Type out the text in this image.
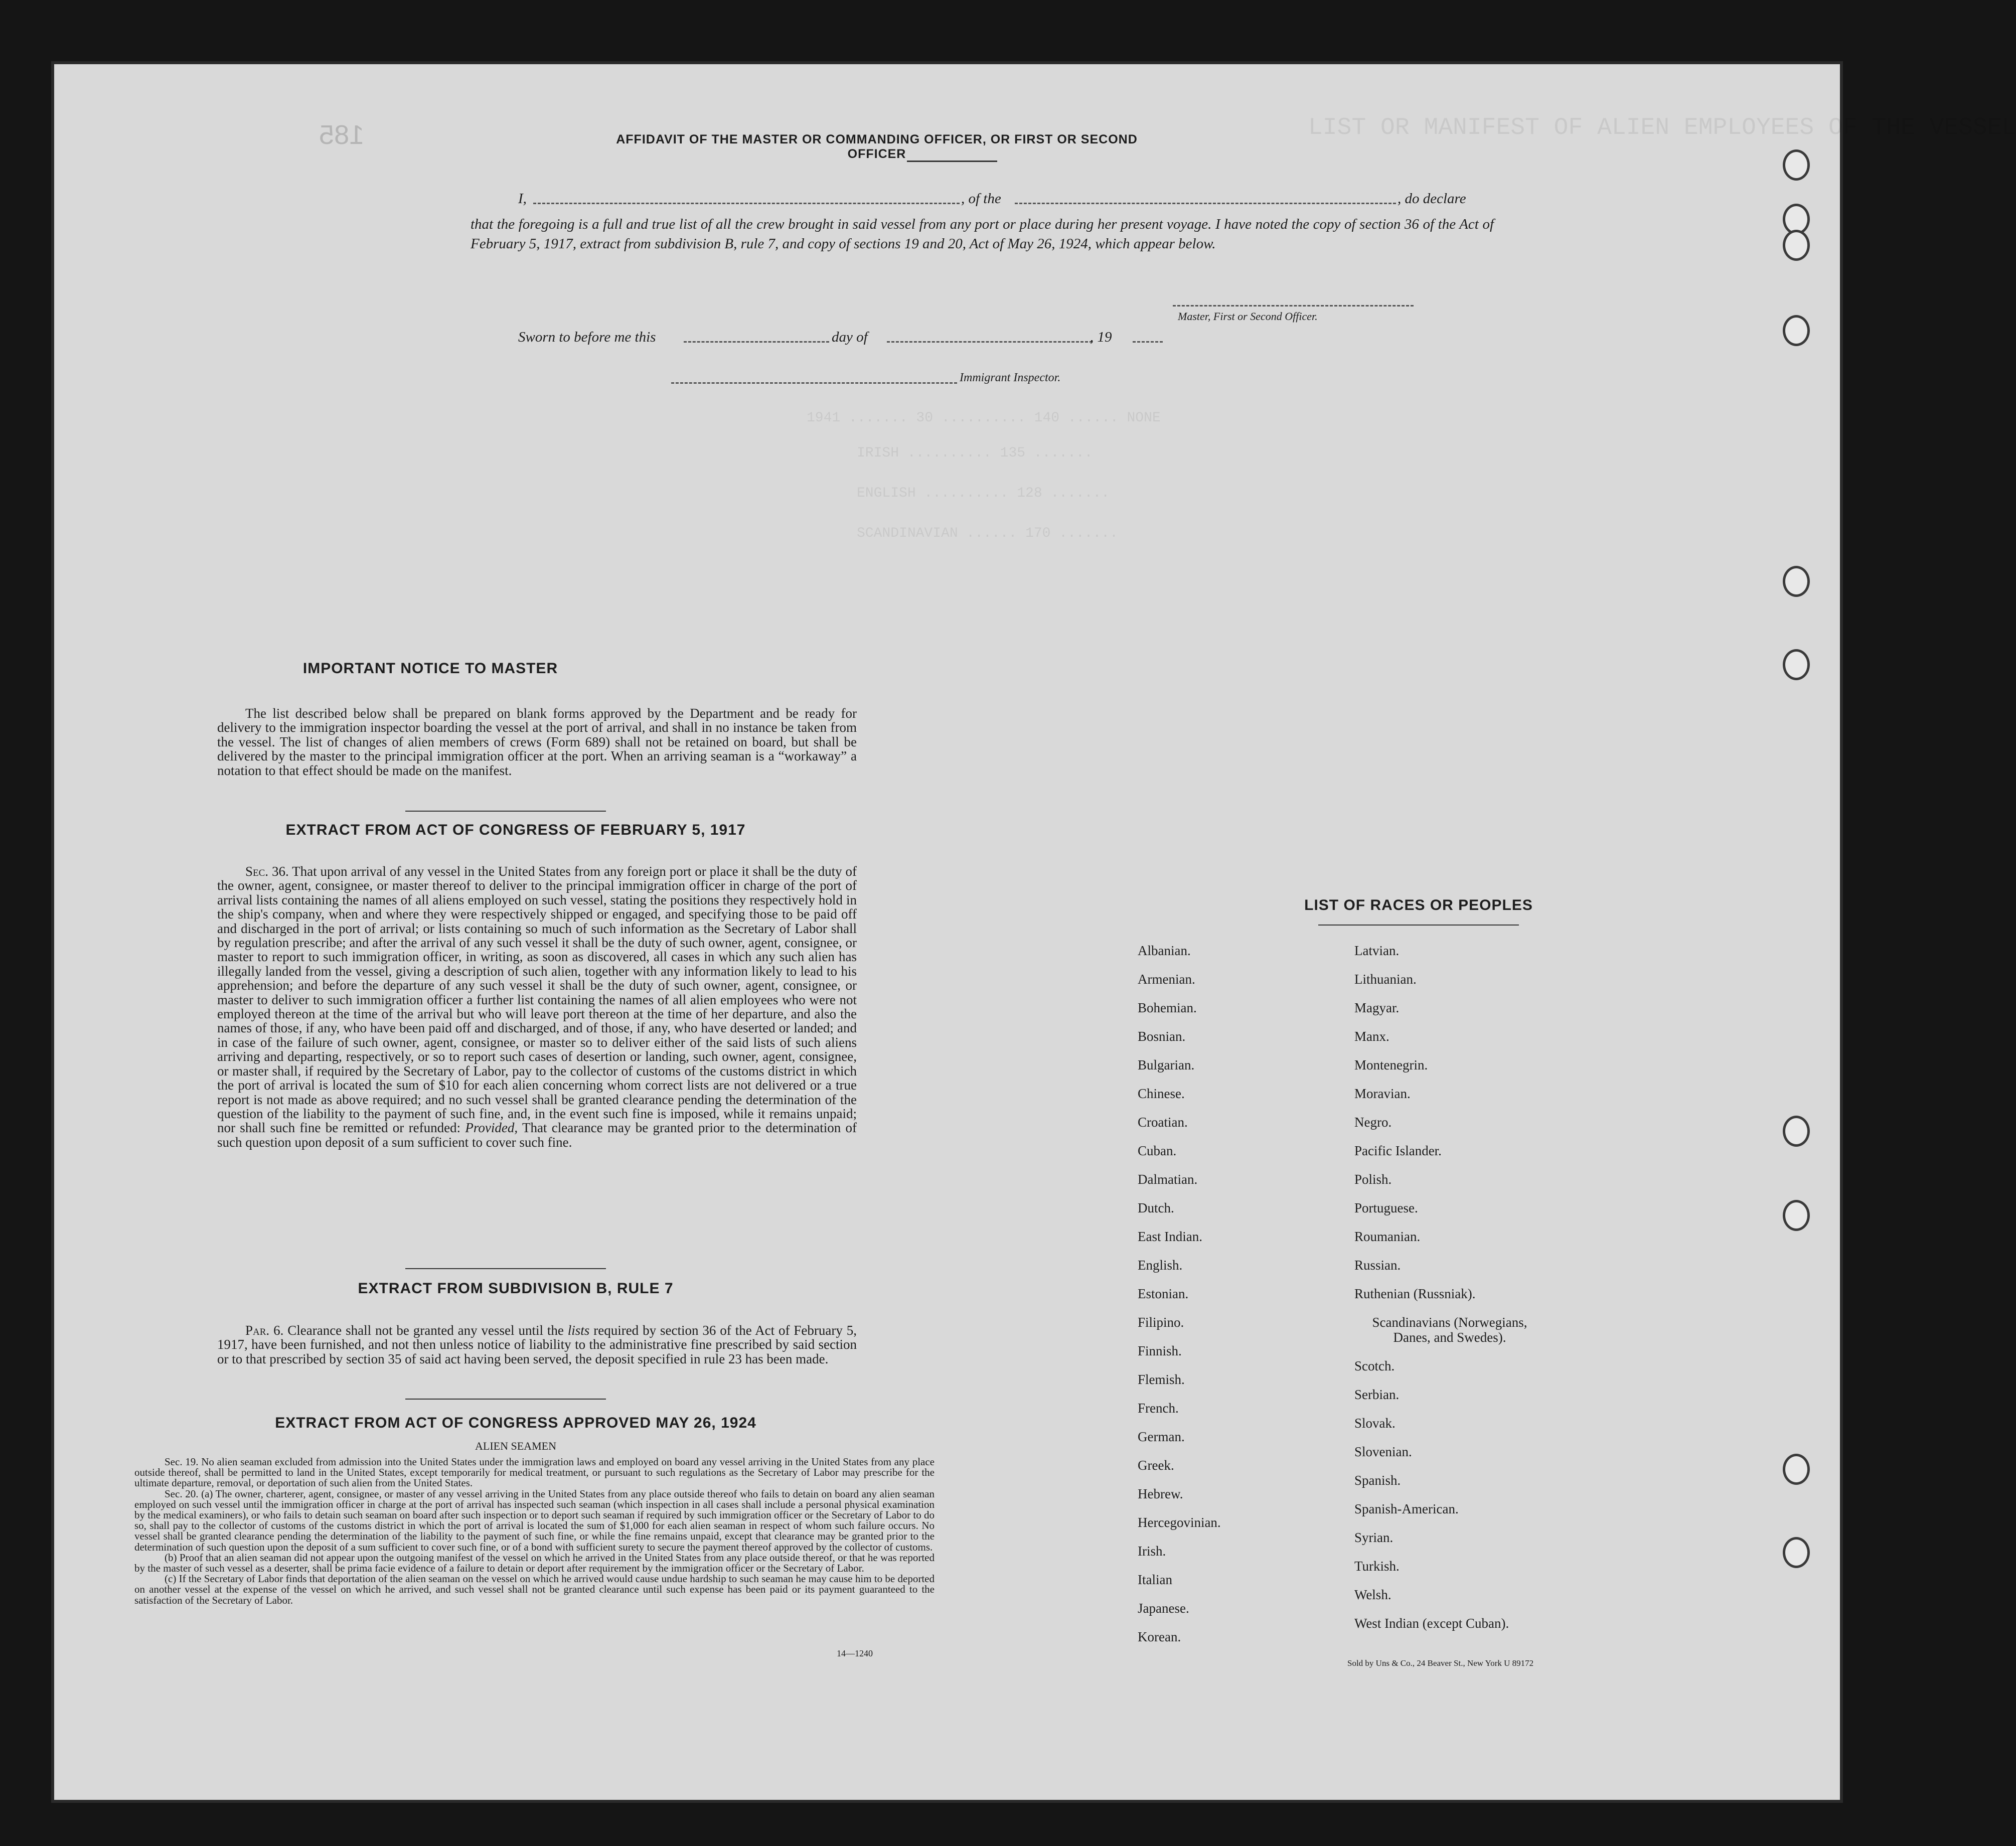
LIST OR MANIFEST OF ALIEN EMPLOYEES OF THE VESSEL
1941 ....... 30 .......... 140 ...... NONE
IRISH .......... 135 .......
ENGLISH .......... 128 .......
SCANDINAVIAN ...... 170 .......
185	AFFIDAVIT OF THE MASTER OR COMMANDING OFFICER, OR FIRST OR SECOND OFFICER
I,	, of the	, do declare
that the foregoing is a full and true list of all the crew brought in said vessel from any port or place during her present voyage. I have noted the copy of section 36 of the Act of February 5, 1917, extract from subdivision B, rule 7, and copy of sections 19 and 20, Act of May 26, 1924, which appear below.
Master, First or Second Officer.
Sworn to before me this	day of	, 19
Immigrant Inspector.
IMPORTANT NOTICE TO MASTER
The list described below shall be prepared on blank forms approved by the Department and be ready for delivery to the immigration inspector boarding the vessel at the port of arrival, and shall in no instance be taken from the vessel. The list of changes of alien members of crews (Form 689) shall not be retained on board, but shall be delivered by the master to the principal immigration officer at the port. When an arriving seaman is a “workaway” a notation to that effect should be made on the manifest.
EXTRACT FROM ACT OF CONGRESS OF FEBRUARY 5, 1917
Sec. 36. That upon arrival of any vessel in the United States from any foreign port or place it shall be the duty of the owner, agent, consignee, or master thereof to deliver to the principal immigration officer in charge of the port of arrival lists containing the names of all aliens employed on such vessel, stating the positions they respectively hold in the ship's company, when and where they were respectively shipped or engaged, and specifying those to be paid off and discharged in the port of arrival; or lists containing so much of such information as the Secretary of Labor shall by regulation prescribe; and after the arrival of any such vessel it shall be the duty of such owner, agent, consignee, or master to report to such immigration officer, in writing, as soon as discovered, all cases in which any such alien has illegally landed from the vessel, giving a description of such alien, together with any information likely to lead to his apprehension; and before the departure of any such vessel it shall be the duty of such owner, agent, consignee, or master to deliver to such immigration officer a further list containing the names of all alien employees who were not employed thereon at the time of the arrival but who will leave port thereon at the time of her departure, and also the names of those, if any, who have been paid off and discharged, and of those, if any, who have deserted or landed; and in case of the failure of such owner, agent, consignee, or master so to deliver either of the said lists of such aliens arriving and departing, respectively, or so to report such cases of desertion or landing, such owner, agent, consignee, or master shall, if required by the Secretary of Labor, pay to the collector of customs of the customs district in which the port of arrival is located the sum of $10 for each alien concerning whom correct lists are not delivered or a true report is not made as above required; and no such vessel shall be granted clearance pending the determination of the question of the liability to the payment of such fine, and, in the event such fine is imposed, while it remains unpaid; nor shall such fine be remitted or refunded: Provided, That clearance may be granted prior to the determination of such question upon deposit of a sum sufficient to cover such fine.
EXTRACT FROM SUBDIVISION B, RULE 7
Par. 6. Clearance shall not be granted any vessel until the lists required by section 36 of the Act of February 5, 1917, have been furnished, and not then unless notice of liability to the administrative fine prescribed by said section or to that prescribed by section 35 of said act having been served, the deposit specified in rule 23 has been made.
EXTRACT FROM ACT OF CONGRESS APPROVED MAY 26, 1924
ALIEN SEAMEN
Sec. 19. No alien seaman excluded from admission into the United States under the immigration laws and employed on board any vessel arriving in the United States from any place outside thereof, shall be permitted to land in the United States, except temporarily for medical treatment, or pursuant to such regulations as the Secretary of Labor may prescribe for the ultimate departure, removal, or deportation of such alien from the United States.
Sec. 20. (a) The owner, charterer, agent, consignee, or master of any vessel arriving in the United States from any place outside thereof who fails to detain on board any alien seaman employed on such vessel until the immigration officer in charge at the port of arrival has inspected such seaman (which inspection in all cases shall include a personal physical examination by the medical examiners), or who fails to detain such seaman on board after such inspection or to deport such seaman if required by such immigration officer or the Secretary of Labor to do so, shall pay to the collector of customs of the customs district in which the port of arrival is located the sum of $1,000 for each alien seaman in respect of whom such failure occurs. No vessel shall be granted clearance pending the determination of the liability to the payment of such fine, or while the fine remains unpaid, except that clearance may be granted prior to the determination of such question upon the deposit of a sum sufficient to cover such fine, or of a bond with sufficient surety to secure the payment thereof approved by the collector of customs.
(b) Proof that an alien seaman did not appear upon the outgoing manifest of the vessel on which he arrived in the United States from any place outside thereof, or that he was reported by the master of such vessel as a deserter, shall be prima facie evidence of a failure to detain or deport after requirement by the immigration officer or the Secretary of Labor.
(c) If the Secretary of Labor finds that deportation of the alien seaman on the vessel on which he arrived would cause undue hardship to such seaman he may cause him to be deported on another vessel at the expense of the vessel on which he arrived, and such vessel shall not be granted clearance until such expense has been paid or its payment guaranteed to the satisfaction of the Secretary of Labor.
14—1240
LIST OF RACES OR PEOPLES
Albanian.
Armenian.
Bohemian.
Bosnian.
Bulgarian.
Chinese.
Croatian.
Cuban.
Dalmatian.
Dutch.
East Indian.
English.
Estonian.
Filipino.
Finnish.
Flemish.
French.
German.
Greek.
Hebrew.
Hercegovinian.
Irish.
Italian
Japanese.
Korean.
Latvian.
Lithuanian.
Magyar.
Manx.
Montenegrin.
Moravian.
Negro.
Pacific Islander.
Polish.
Portuguese.
Roumanian.
Russian.
Ruthenian (Russniak).
Scandinavians (Norwegians, Danes, and Swedes).
Scotch.
Serbian.
Slovak.
Slovenian.
Spanish.
Spanish-American.
Syrian.
Turkish.
Welsh.
West Indian (except Cuban).
Sold by Uns & Co., 24 Beaver St., New York U 89172
